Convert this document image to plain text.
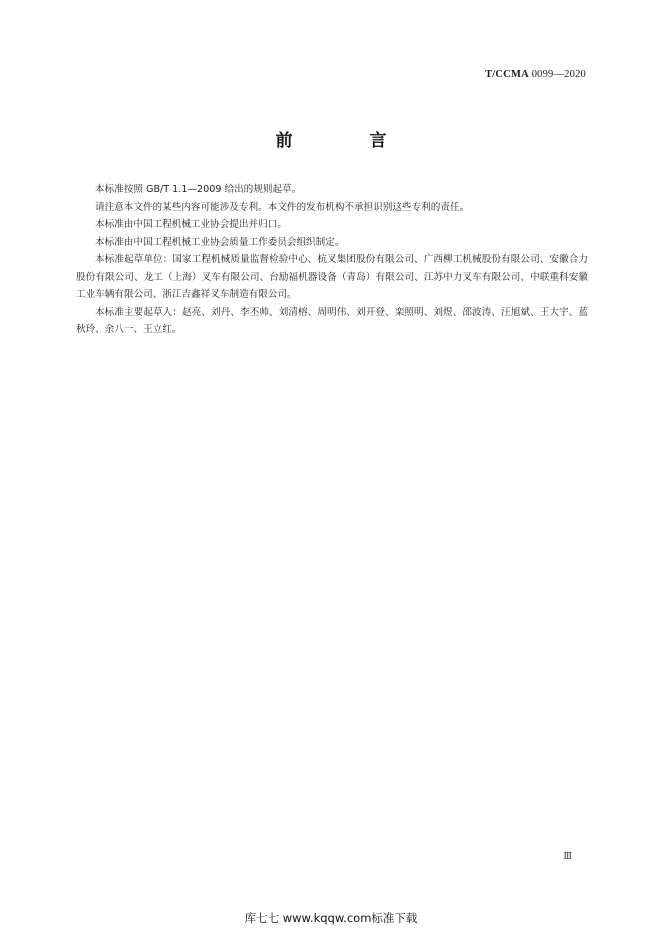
T/CCMA 0099—2020
前　言

本标准按照 GB/T 1.1—2009 给出的规则起草。

请注意本文件的某些内容可能涉及专利。本文件的发布机构不承担识别这些专利的责任。

本标准由中国工程机械工业协会提出并归口。

本标准由中国工程机械工业协会质量工作委员会组织制定。

本标准起草单位：国家工程机械质量监督检验中心、杭叉集团股份有限公司、广西柳工机械股份有限公司、安徽合力股份有限公司、龙工（上海）叉车有限公司、台励福机器设备（青岛）有限公司、江苏中力叉车有限公司、中联重科安徽工业车辆有限公司、浙江吉鑫祥叉车制造有限公司。

本标准主要起草人：赵亮、刘丹、李丕帅、刘清榕、周明伟、刘开登、栾照明、刘煜、邵波涛、汪旭斌、王大宇、蓝秋玲、余八一、王立红。

Ⅲ
库七七 www.kqqw.com标准下载
